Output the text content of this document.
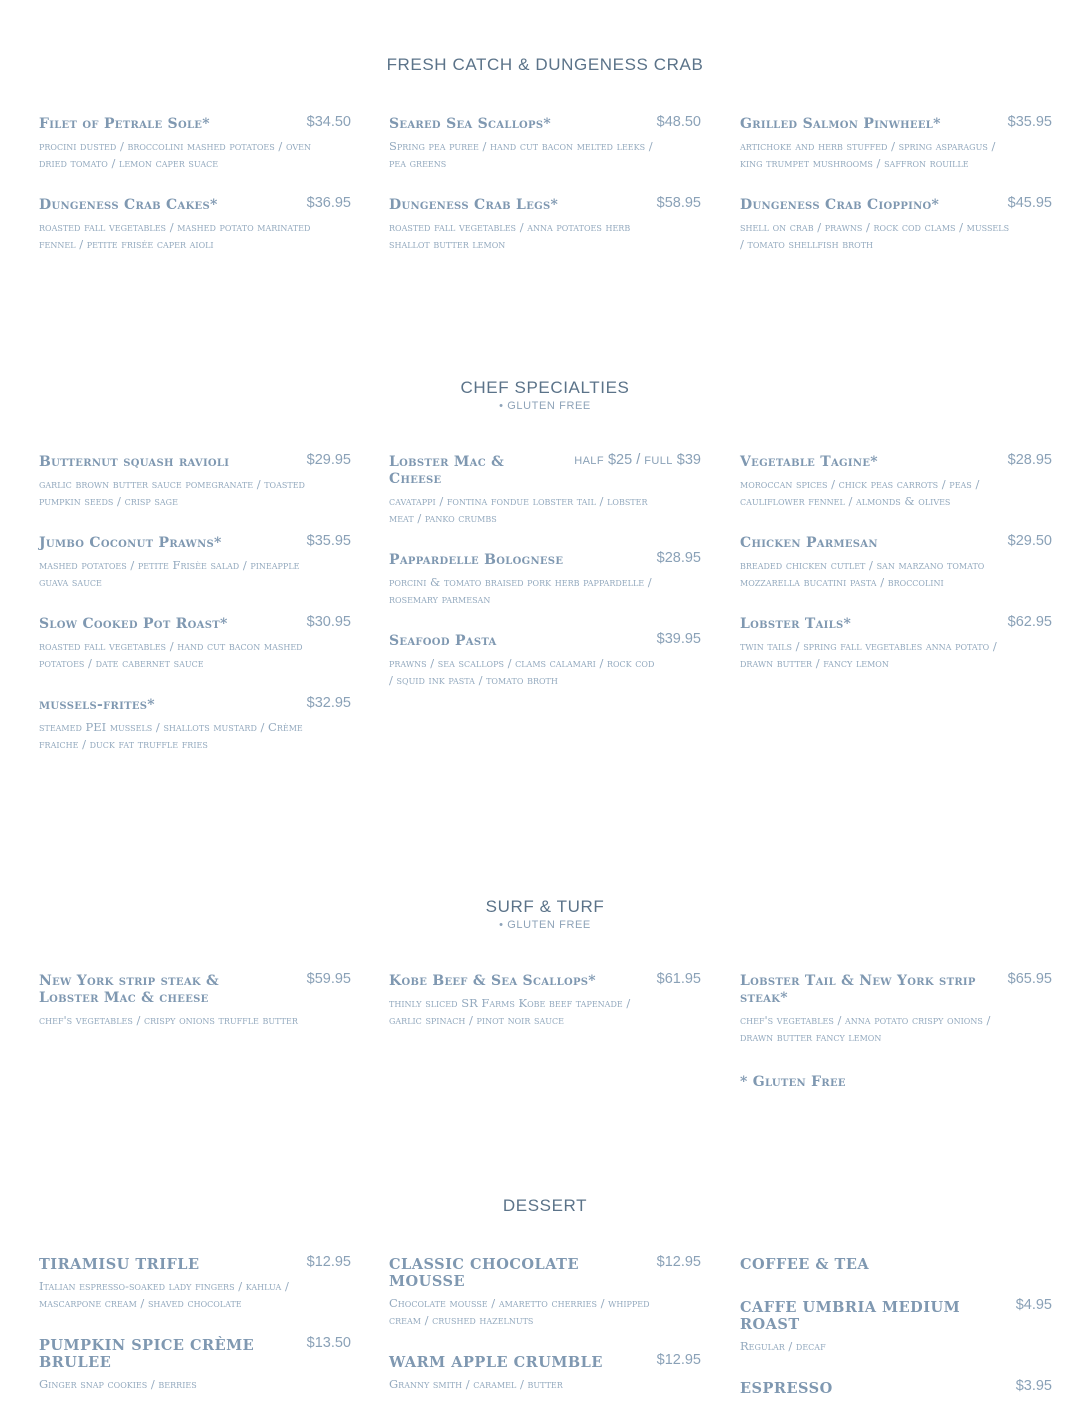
FRESH CATCH & DUNGENESS CRAB
Filet of Petrale Sole*	$34.50
procini dusted / broccolini mashed potatoes / oven dried tomato / lemon caper suace
Dungeness Crab Cakes*	$36.95
roasted fall vegetables / mashed potato marinated fennel / petite frisée caper aioli
Seared Sea Scallops*	$48.50
Spring pea puree / hand cut bacon melted leeks / pea greens
Dungeness Crab Legs*	$58.95
roasted fall vegetables / anna potatoes herb shallot butter lemon
Grilled Salmon Pinwheel*	$35.95
artichoke and herb stuffed / spring asparagus / king trumpet mushrooms / saffron rouille
Dungeness Crab Cioppino*	$45.95
shell on crab / prawns / rock cod clams / mussels / tomato shellfish broth
CHEF SPECIALTIES
• GLUTEN FREE
Butternut squash ravioli	$29.95
garlic brown butter sauce pomegranate / toasted pumpkin seeds / crisp sage
Jumbo Coconut Prawns*	$35.95
mashed potatoes / petite Frisèe salad / pineapple guava sauce
Slow Cooked Pot Roast*	$30.95
roasted fall vegetables / hand cut bacon mashed potatoes / date cabernet sauce
mussels-frites*	$32.95
steamed PEI mussels / shallots mustard / Crème fraiche / duck fat truffle fries
Lobster Mac & Cheese
HALF $25 / FULL $39
cavatappi / fontina fondue lobster tail / lobster meat / panko crumbs
Pappardelle Bolognese	$28.95
porcini & tomato braised pork herb pappardelle / rosemary parmesan
Seafood Pasta	$39.95
prawns / sea scallops / clams calamari / rock cod / squid ink pasta / tomato broth
Vegetable Tagine*	$28.95
moroccan spices / chick peas carrots / peas / cauliflower fennel / almonds & olives
Chicken Parmesan	$29.50
breaded chicken cutlet / san marzano tomato mozzarella bucatini pasta / broccolini
Lobster Tails*	$62.95
twin tails / spring fall vegetables anna potato / drawn butter / fancy lemon
SURF & TURF
• GLUTEN FREE
New York strip steak & Lobster Mac & cheese
$59.95
chef's vegetables / crispy onions truffle butter
Kobe Beef & Sea Scallops*	$61.95
thinly sliced SR Farms Kobe beef tapenade / garlic spinach / pinot noir sauce
Lobster Tail & New York strip steak*
$65.95
chef's vegetables / anna potato crispy onions / drawn butter fancy lemon
* Gluten Free
DESSERT
TIRAMISU TRIFLE	$12.95
Italian espresso-soaked lady fingers / kahlua / mascarpone cream / shaved chocolate
PUMPKIN SPICE CRÈME BRULEE
$13.50
Ginger snap cookies / berries
CLASSIC CHOCOLATE MOUSSE
$12.95
Chocolate mousse / amaretto cherries / whipped cream / crushed hazelnuts
WARM APPLE CRUMBLE	$12.95
Granny smith / caramel / butter
COFFEE & TEA
CAFFE UMBRIA MEDIUM ROAST
$4.95
Regular / decaf
ESPRESSO	$3.95
